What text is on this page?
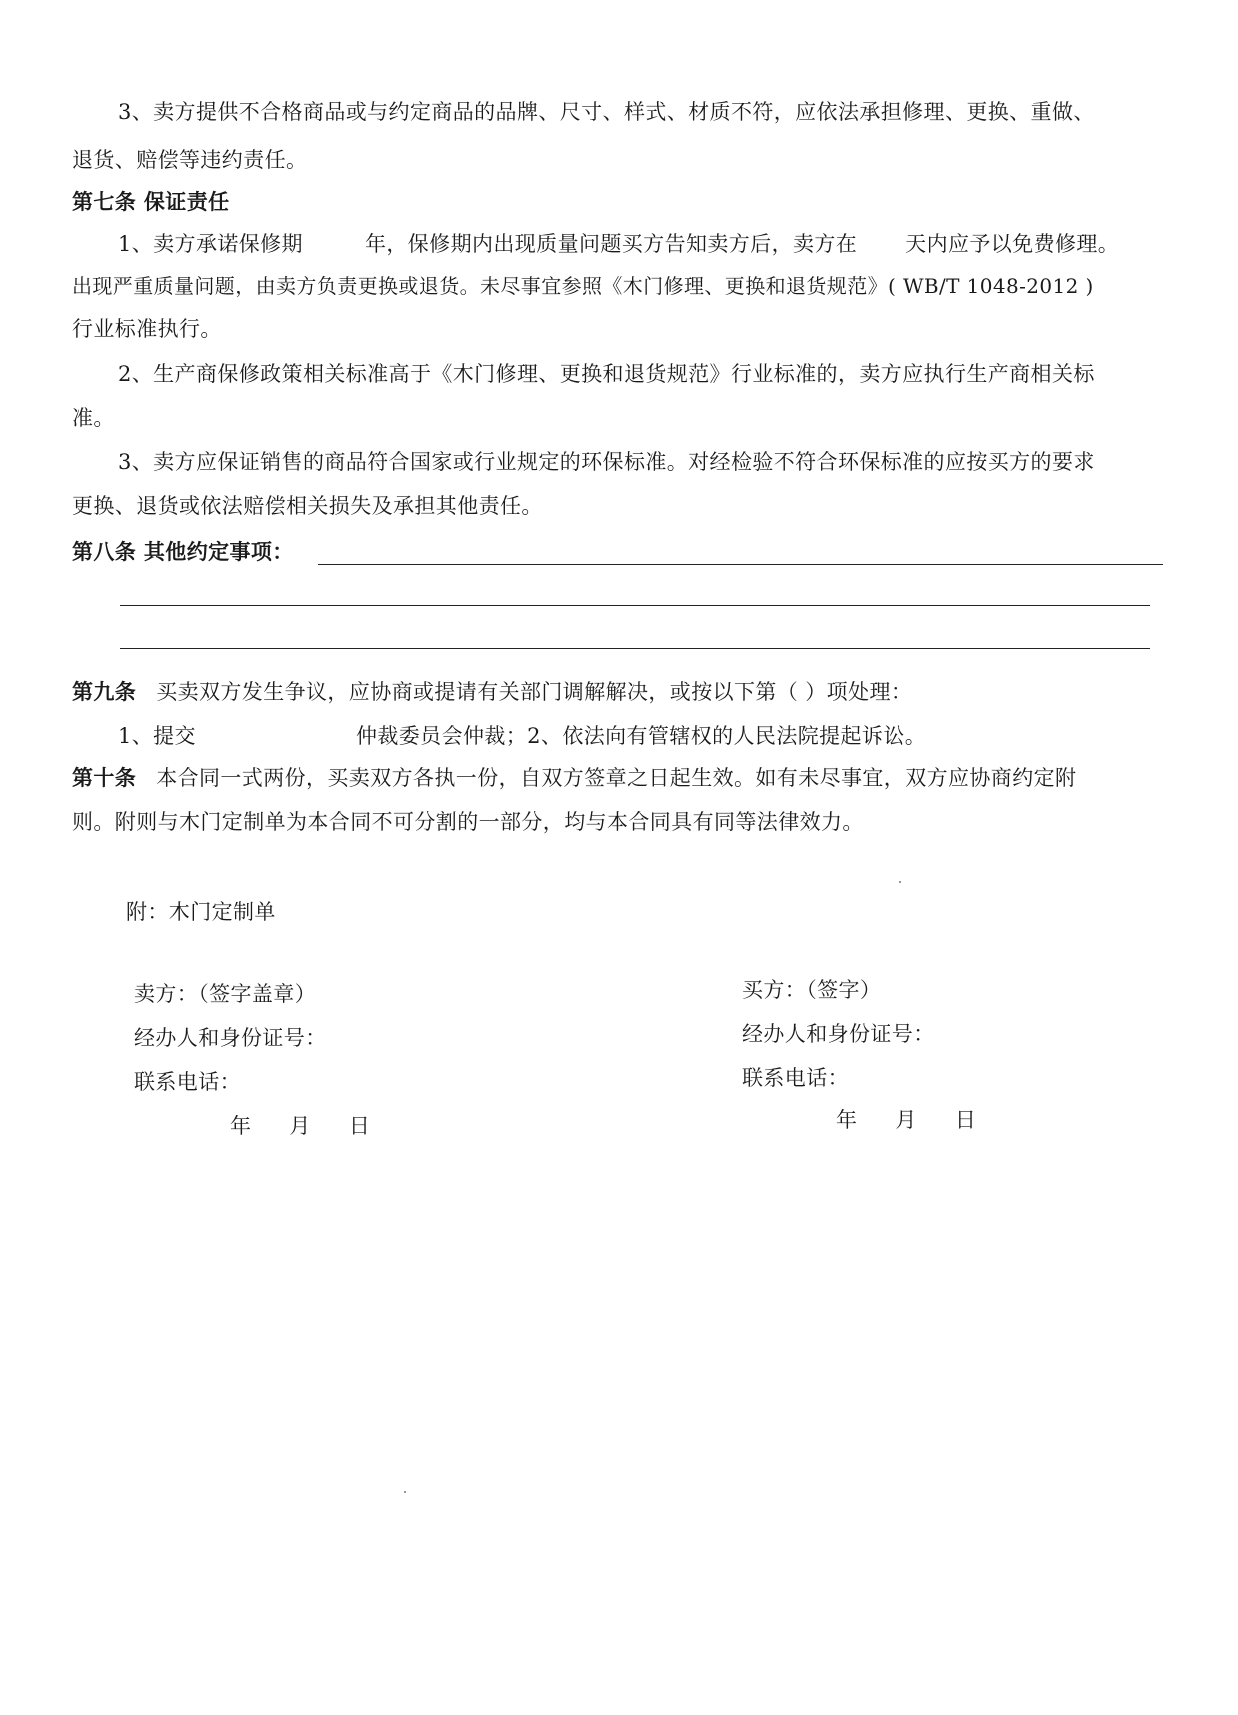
3、卖方提供不合格商品或与约定商品的品牌、尺寸、样式、材质不符，应依法承担修理、更换、重做、
退货、赔偿等违约责任。
第七条 保证责任
1、卖方承诺保修期	年，保修期内出现质量问题买方告知卖方后，卖方在 天内应予以免费修理。
出现严重质量问题，由卖方负责更换或退货。未尽事宜参照《木门修理、更换和退货规范》( WB/T 1048-2012 )
行业标准执行。
2、生产商保修政策相关标准高于《木门修理、更换和退货规范》行业标准的，卖方应执行生产商相关标
准。
3、卖方应保证销售的商品符合国家或行业规定的环保标准。对经检验不符合环保标准的应按买方的要求
更换、退货或依法赔偿相关损失及承担其他责任。
第八条 其他约定事项：
第九条 买卖双方发生争议，应协商或提请有关部门调解解决，或按以下第（ ）项处理：
1、提交	仲裁委员会仲裁；2、依法向有管辖权的人民法院提起诉讼。
第十条 本合同一式两份，买卖双方各执一份，自双方签章之日起生效。如有未尽事宜，双方应协商约定附
则。附则与木门定制单为本合同不可分割的一部分，均与本合同具有同等法律效力。
附：木门定制单
卖方：（签字盖章）
经办人和身份证号：
联系电话：
年 月 日
买方：（签字）
经办人和身份证号：
联系电话：
年 月 日
